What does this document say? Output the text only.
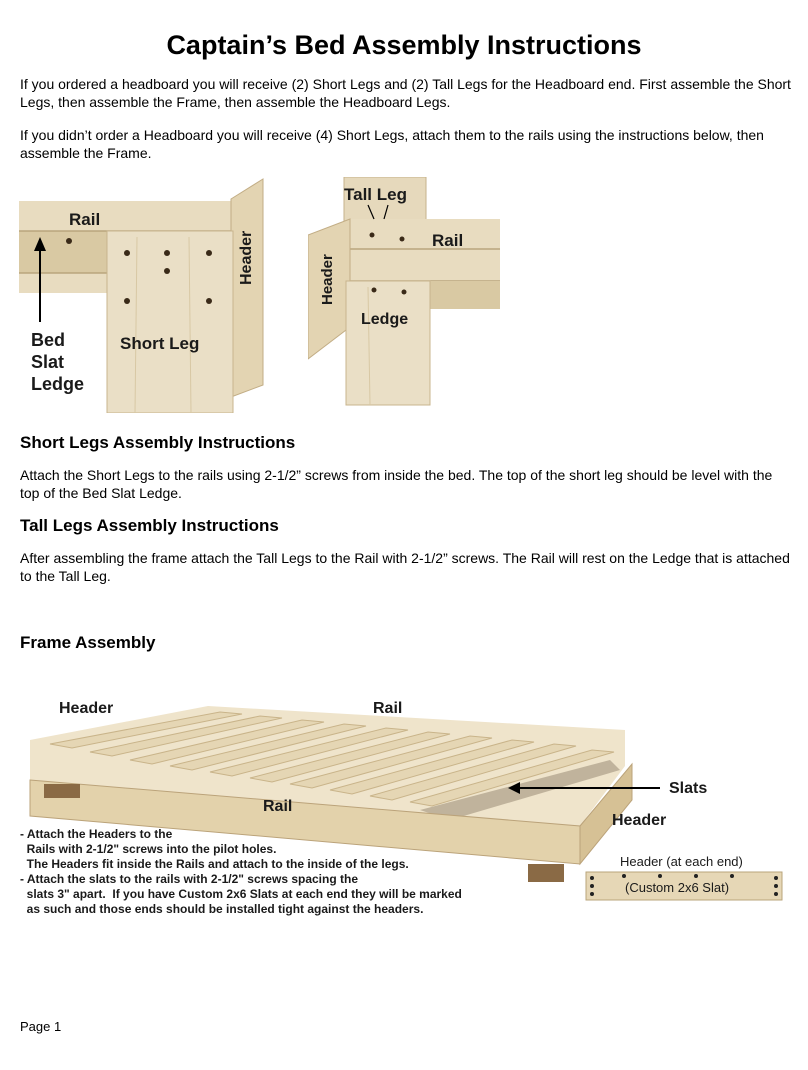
Captain’s Bed Assembly Instructions
If you ordered a headboard you will receive (2) Short Legs and (2) Tall Legs for the Headboard end. First assemble the Short Legs, then assemble the Frame, then assemble the Headboard Legs.
If you didn’t order a Headboard you will receive (4) Short Legs, attach them to the rails using the instructions below, then assemble the Frame.
Rail
Header
Short Leg
Bed
Slat
Ledge
Tall Leg
Rail
Header
Ledge
Short Legs Assembly Instructions
Attach the Short Legs to the rails using 2-1/2” screws from inside the bed. The top of the short leg should be level with the top of the Bed Slat Ledge.
Tall Legs Assembly Instructions
After assembling the frame attach the Tall Legs to the Rail with 2-1/2” screws. The Rail will rest on the Ledge that is attached to the Tall Leg.
Frame Assembly
Header	Rail
Rail
Slats
Header
Header (at each end)
(Custom 2x6 Slat)
- Attach the Headers to the
Rails with 2-1/2" screws into the pilot holes.
The Headers fit inside the Rails and attach to the inside of the legs.
- Attach the slats to the rails with 2-1/2" screws spacing the
slats 3" apart.  If you have Custom 2x6 Slats at each end they will be marked
as such and those ends should be installed tight against the headers.
Page 1
